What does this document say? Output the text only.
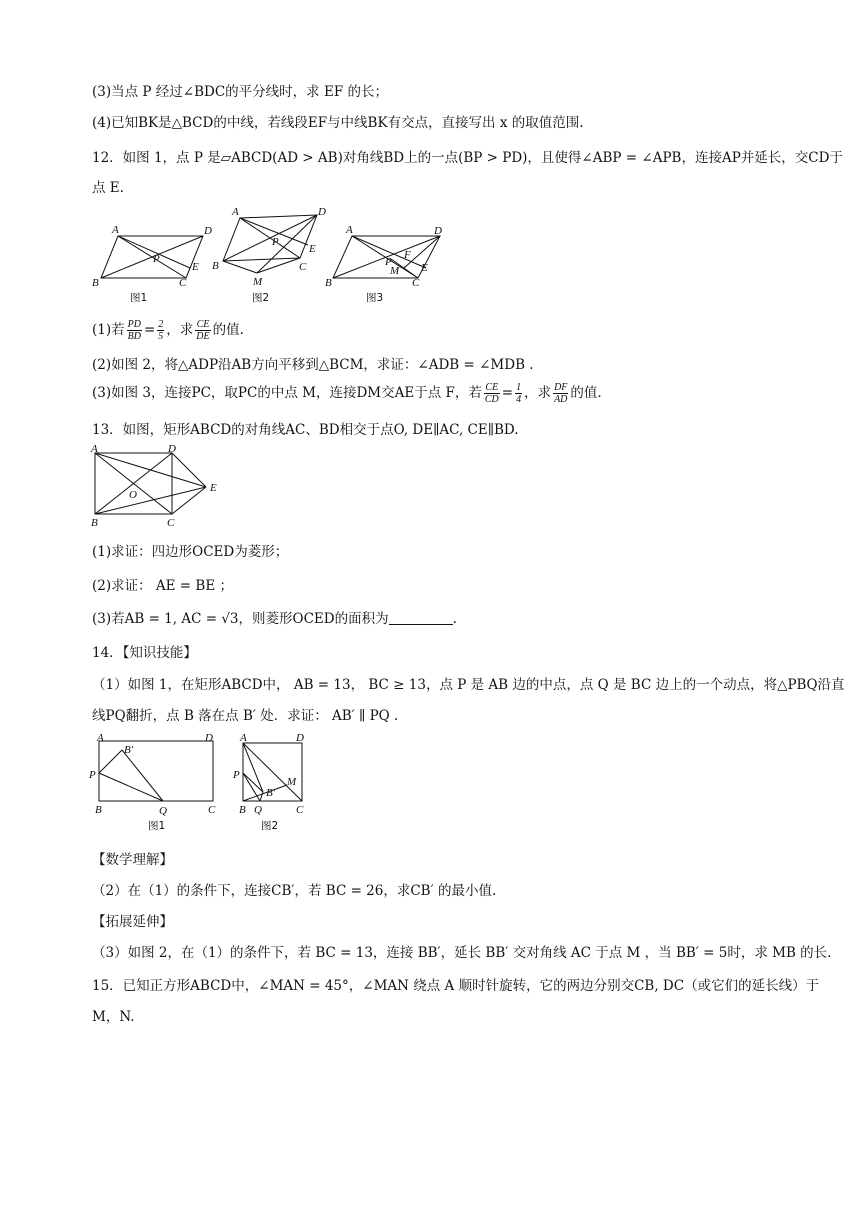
(3)当点 P 经过∠BDC的平分线时，求 EF 的长；
(4)已知BK是△BCD的中线，若线段EF与中线BK有交点，直接写出 x 的取值范围.
12．如图 1，点 P 是▱ABCD(AD > AB)对角线BD上的一点(BP > PD)，且使得∠ABP = ∠APB，连接AP并延长，交CD于
点 E.
A	D
B	C
P
E
图1
A	D
B	C
P
E
M
图2
A	D
B	C
P
F
M E
图3
(1)若 $\frac{PD}{BD} = \frac{2}{5}$ ，求 $\frac{CE}{DE}$ 的值.
(2)如图 2，将△ADP沿AB方向平移到△BCM，求证：∠ADB = ∠MDB .
(3)如图 3，连接PC，取PC的中点 M，连接DM交AE于点 F，若 $\frac{CE}{CD} = \frac{1}{4}$ ，求 $\frac{DF}{AD}$ 的值.
13．如图，矩形ABCD的对角线AC、BD相交于点O, DE∥AC, CE∥BD.
A	D
B	C
O
E
(1)求证：四边形OCED为菱形；
(2)求证： AE = BE ；
(3)若AB = 1, AC = √3，则菱形OCED的面积为	.
14．【知识技能】
（1）如图 1，在矩形ABCD中， AB = 13， BC ≥ 13，点 P 是 AB 边的中点，点 Q 是 BC 边上的一个动点，将△PBQ沿直
线PQ翻折，点 B 落在点 B′ 处．求证： AB′ ∥ PQ .
A	D
B′
P
B	Q	C
图1
A	D
P
M
B′
B Q	C
图2
【数学理解】
（2）在（1）的条件下，连接CB′，若 BC = 26，求CB′ 的最小值.
【拓展延伸】
（3）如图 2，在（1）的条件下，若 BC = 13，连接 BB′，延长 BB′ 交对角线 AC 于点 M ，当 BB′ = 5时，求 MB 的长.
15．已知正方形ABCD中，∠MAN = 45°，∠MAN 绕点 A 顺时针旋转，它的两边分别交CB, DC（或它们的延长线）于
M，N.
